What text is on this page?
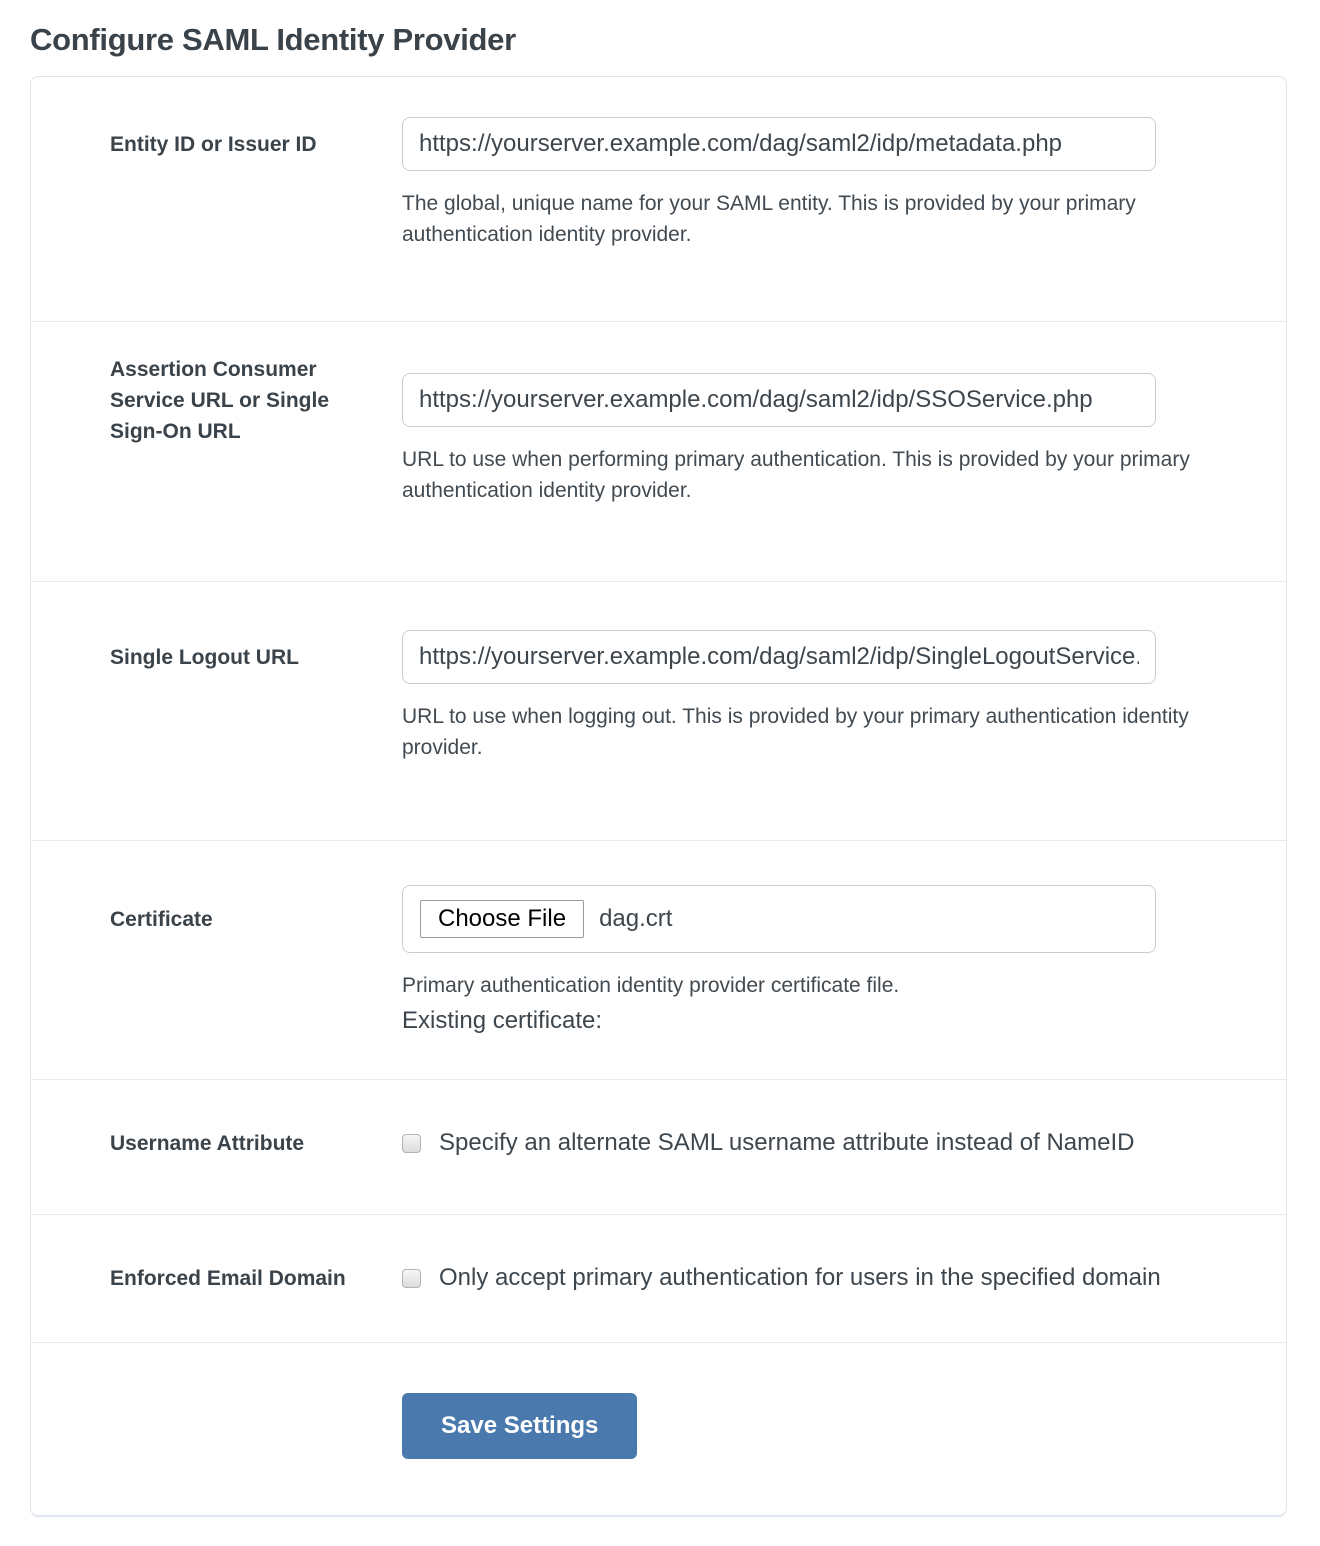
Configure SAML Identity Provider
Entity ID or Issuer ID
https://yourserver.example.com/dag/saml2/idp/metadata.php
The global, unique name for your SAML entity. This is provided by your primary authentication identity provider.
Assertion Consumer Service URL or Single Sign-On URL
https://yourserver.example.com/dag/saml2/idp/SSOService.php
URL to use when performing primary authentication. This is provided by your primary authentication identity provider.
Single Logout URL
https://yourserver.example.com/dag/saml2/idp/SingleLogoutService.php
URL to use when logging out. This is provided by your primary authentication identity provider.
Certificate	Choose File	dag.crt
Primary authentication identity provider certificate file.
Existing certificate:
Username Attribute	Specify an alternate SAML username attribute instead of NameID
Enforced Email Domain	Only accept primary authentication for users in the specified domain
Save Settings
